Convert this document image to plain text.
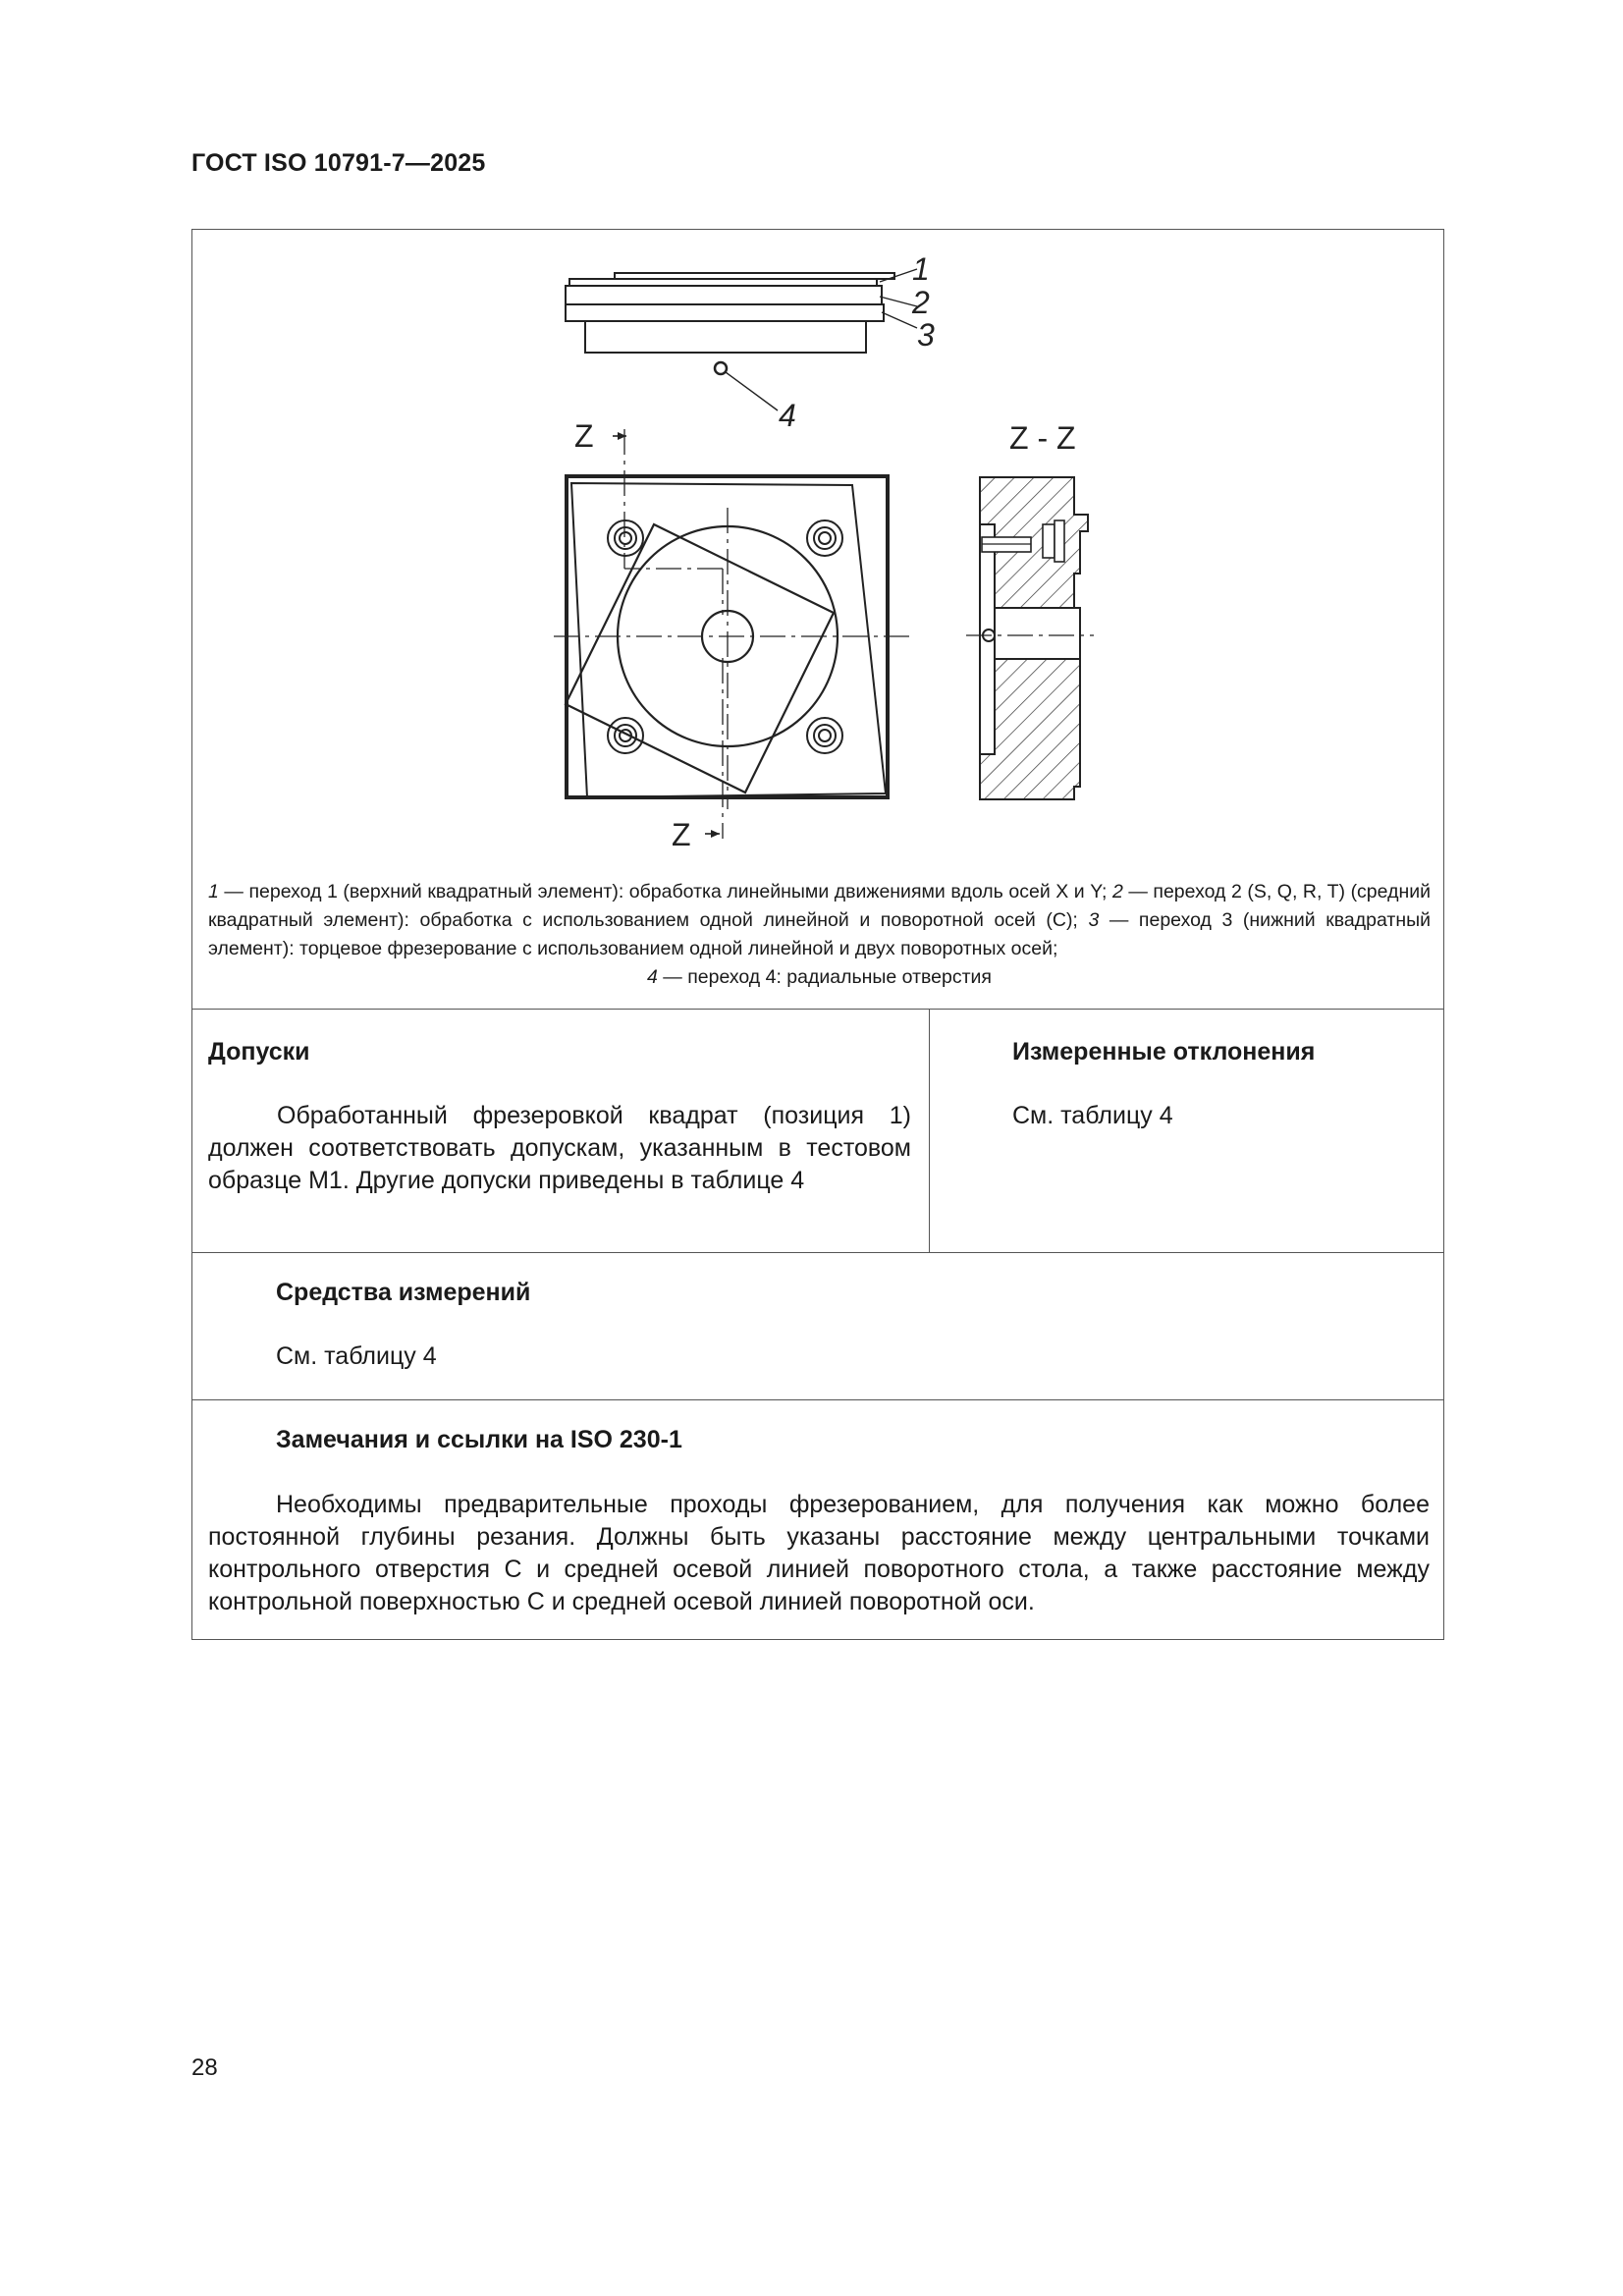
ГОСТ ISO 10791-7—2025
1
2
3
4
Z
Z
Z - Z
1 — переход 1 (верхний квадратный элемент): обработка линейными движениями вдоль осей X и Y; 2 — переход 2 (S, Q, R, T) (средний квадратный элемент): обработка с использованием одной линейной и поворотной осей (С); 3 — переход 3 (нижний квадратный элемент): торцевое фрезерование с использованием одной линейной и двух поворотных осей;
4 — переход 4: радиальные отверстия
Допуски
Обработанный фрезеровкой квадрат (позиция 1) должен соответствовать допускам, указанным в тестовом образце М1. Другие допуски приведены в таблице 4
Измеренные отклонения
См. таблицу 4
Средства измерений
См. таблицу 4
Замечания и ссылки на ISO 230-1
Необходимы предварительные проходы фрезерованием, для получения как можно более постоянной глубины резания. Должны быть указаны расстояние между центральными точками контрольного отверстия С и средней осевой линией поворотного стола, а также расстояние между контрольной поверхностью С и средней осевой линией поворотной оси.
28
